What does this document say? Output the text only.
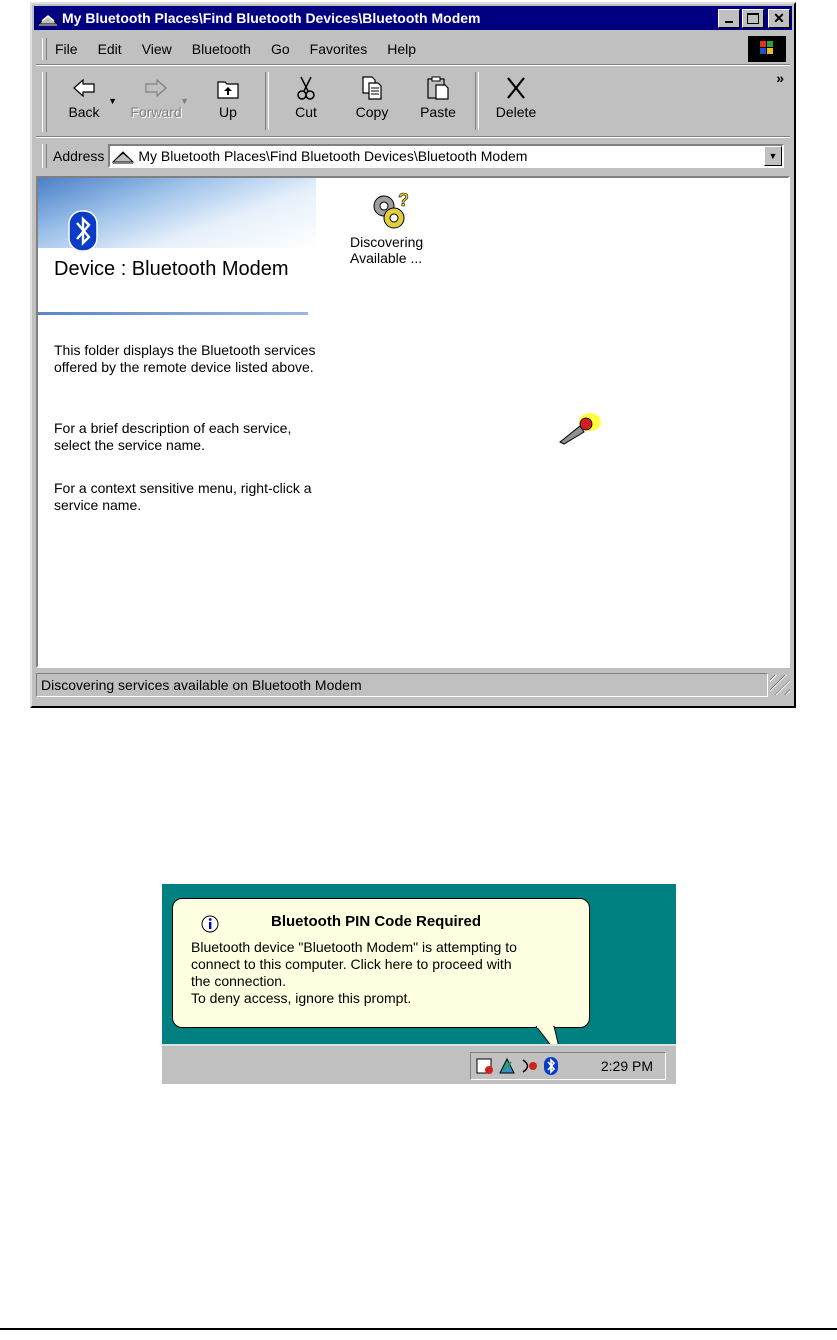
My Bluetooth Places\Find Bluetooth Devices\Bluetooth Modem	✕
File Edit View Bluetooth Go Favorites Help
Back
▼
Forward
▼
Up	Cut	Copy Paste	Delete
»
Address My Bluetooth Places\Find Bluetooth Devices\Bluetooth Modem	▼
Device : Bluetooth Modem
This folder displays the Bluetooth services offered by the remote device listed above.
For a brief description of each service, select the service name.
For a context sensitive menu, right-click a service name.
?
Discovering Available ...
Discovering services available on Bluetooth Modem
Bluetooth PIN Code Required
Bluetooth device "Bluetooth Modem" is attempting to
connect to this computer. Click here to proceed with
the connection.
To deny access, ignore this prompt.
2:29 PM
